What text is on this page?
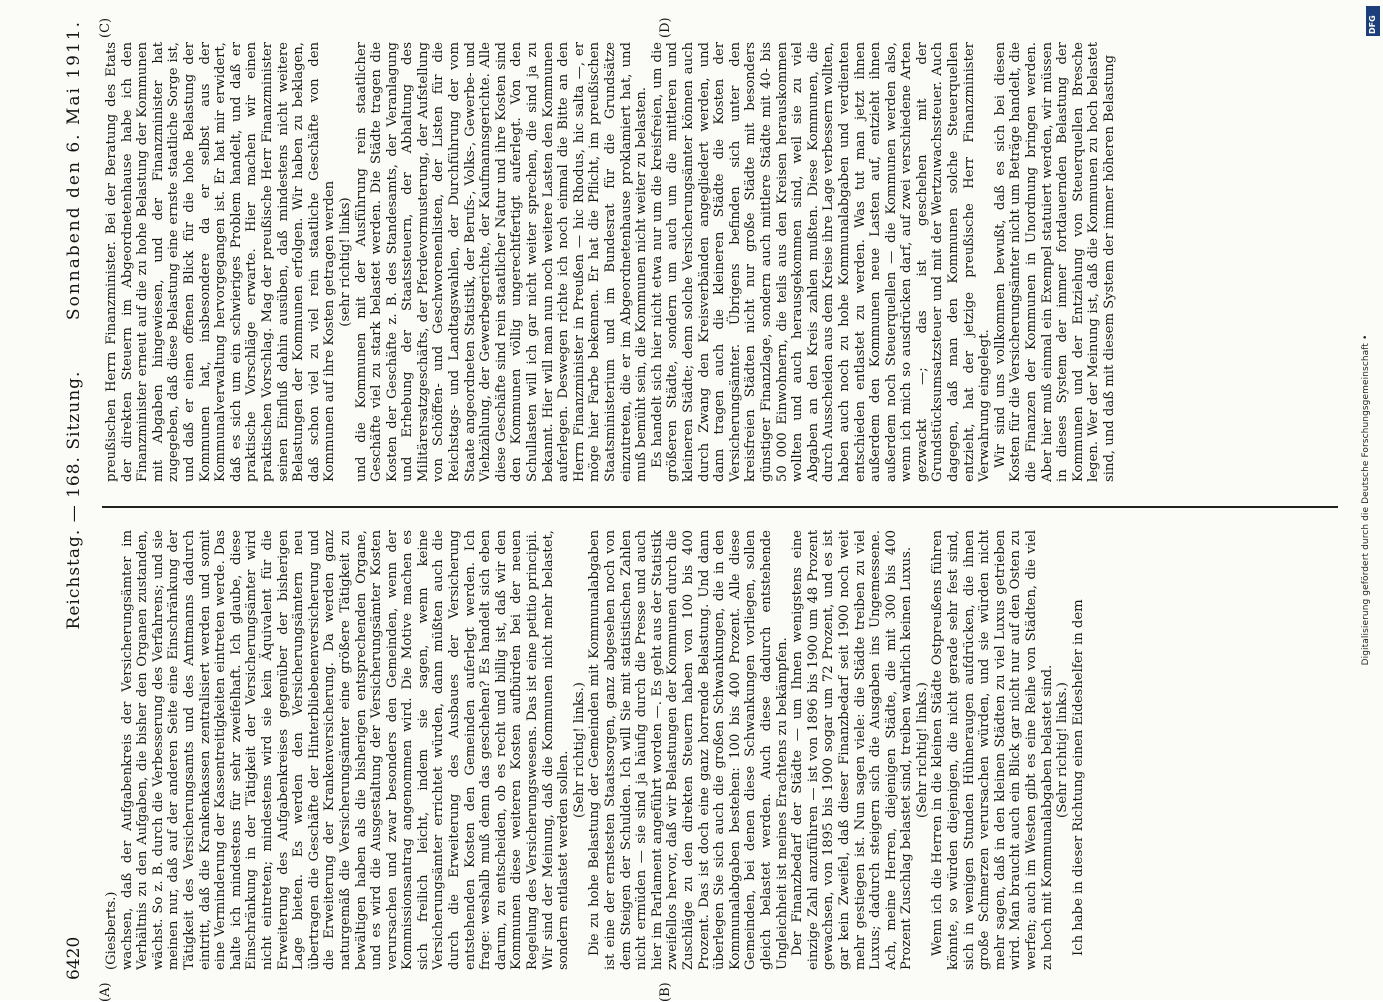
6420
Reichstag. — 168. Sitzung.
Sonnabend den 6. Mai 1911.
(A)	(B)
(C)	(D)

(Giesberts.) wachsen, daß der Aufgabenkreis der Versicherungsämter im Verhältnis zu den Aufgaben, die bisher den Organen zustanden, wächst. So z. B. durch die Verbesserung des Verfahrens; und sie meinen nur, daß auf der anderen Seite eine Einschränkung der Tätigkeit des Versicherungsamts und des Amtmanns dadurch eintritt, daß die Krankenkassen zentralisiert werden und somit eine Verminderung der Kassentreitigkeiten eintreten werde. Das halte ich mindestens für sehr zweifelhaft. Ich glaube, diese Einschränkung in der Tätigkeit der Versicherungsämter wird nicht eintreten; mindestens wird sie kein Äquivalent für die Erweiterung des Aufgabenkreises gegenüber der bisherigen Lage bieten. Es werden den Versicherungsämtern neu übertragen die Geschäfte der Hinterbliebenenversicherung und die Erweiterung der Krankenversicherung. Da werden ganz naturgemäß die Versicherungsämter eine größere Tätigkeit zu bewältigen haben als die bisherigen entsprechenden Organe, und es wird die Ausgestaltung der Versicherungsämter Kosten verursachen und zwar besonders den Gemeinden, wenn der Kommissionsantrag angenommen wird. Die Motive machen es sich freilich leicht, indem sie sagen, wenn keine Versicherungsämter errichtet würden, dann müßten auch die durch die Erweiterung des Ausbaues der Versicherung entstehenden Kosten den Gemeinden auferlegt werden. Ich frage: weshalb muß denn das geschehen? Es handelt sich eben darum, zu entscheiden, ob es recht und billig ist, daß wir den Kommunen diese weiteren Kosten aufbürden bei der neuen Regelung des Versicherungswesens. Das ist eine petitio principii. Wir sind der Meinung, daß die Kommunen nicht mehr belastet, sondern entlastet werden sollen.

(Sehr richtig! links.) Die zu hohe Belastung der Gemeinden mit Kommunalabgaben ist eine der ernstesten Staatssorgen, ganz abgesehen noch von dem Steigen der Schulden. Ich will Sie mit statistischen Zahlen nicht ermüden — sie sind ja häufig durch die Presse und auch hier im Parlament angeführt worden —. Es geht aus der Statistik zweifellos hervor, daß wir Belastungen der Kommunen durch die Zuschläge zu den direkten Steuern haben von 100 bis 400 Prozent. Das ist doch eine ganz horrende Belastung. Und dann überlegen Sie sich auch die großen Schwankungen, die in den Kommunalabgaben bestehen: 100 bis 400 Prozent. Alle diese Gemeinden, bei denen diese Schwankungen vorliegen, sollen gleich belastet werden. Auch diese dadurch entstehende Ungleichheit ist meines Erachtens zu bekämpfen. Der Finanzbedarf der Städte — um Ihnen wenigstens eine einzige Zahl anzuführen — ist von 1896 bis 1900 um 48 Prozent gewachsen, von 1895 bis 1900 sogar um 72 Prozent, und es ist gar kein Zweifel, daß dieser Finanzbedarf seit 1900 noch weit mehr gestiegen ist. Nun sagen viele: die Städte treiben zu viel Luxus; dadurch steigern sich die Ausgaben ins Ungemessene. Ach, meine Herren, diejenigen Städte, die mit 300 bis 400 Prozent Zuschlag belastet sind, treiben wahrlich keinen Luxus. (Sehr richtig! links.) Wenn ich die Herren in die kleinen Städte Ostpreußens führen könnte, so würden diejenigen, die nicht gerade sehr fest sind, sich in wenigen Stunden Hühneraugen aufdrücken, die ihnen große Schmerzen verursachen würden, und sie würden nicht mehr sagen, daß in den kleinen Städten zu viel Luxus getrieben wird. Man braucht auch ein Blick gar nicht nur auf den Osten zu werfen; auch im Westen gibt es eine Reihe von Städten, die viel zu hoch mit Kommunalabgaben belastet sind. (Sehr richtig! links.) Ich habe in dieser Richtung einen Eideshelfer in dem

preußischen Herrn Finanzminister. Bei der Beratung des Etats der direkten Steuern im Abgeordnetenhause habe ich den Finanzminister erneut auf die zu hohe Belastung der Kommunen mit Abgaben hingewiesen, und der Finanzminister hat zugegeben, daß diese Belastung eine ernste staatliche Sorge ist, und daß er einen offenen Blick für die hohe Belastung der Kommunen hat, insbesondere da er selbst aus der Kommunalverwaltung hervorgegangen ist. Er hat mir erwidert, daß es sich um ein schwieriges Problem handelt, und daß er praktische Vorschläge erwarte. Hier machen wir einen praktischen Vorschlag. Mag der preußische Herr Finanzminister seinen Einfluß dahin ausüben, daß mindestens nicht weitere Belastungen der Kommunen erfolgen. Wir haben zu beklagen, daß schon viel zu viel rein staatliche Geschäfte von den Kommunen auf ihre Kosten getragen werden (sehr richtig! links) und die Kommunen mit der Ausführung rein staatlicher Geschäfte viel zu stark belastet werden. Die Städte tragen die Kosten der Geschäfte z. B. des Standesamts, der Veranlagung und Erhebung der Staatssteuern, der Abhaltung des Militärersatzgeschäfts, der Pferdevormusterung, der Aufstellung von Schöffen- und Geschworenenlisten, der Listen für die Reichstags- und Landtagswahlen, der Durchführung der vom Staate angeordneten Statistik, der Berufs-, Volks-, Gewerbe- und Viehzählung, der Gewerbegerichte, der Kaufmannsgerichte. Alle diese Geschäfte sind rein staatlicher Natur und ihre Kosten sind den Kommunen völlig ungerechtfertigt auferlegt. Von den Schullasten will ich gar nicht weiter sprechen, die sind ja zu bekannt. Hier will man nun noch weitere Lasten den Kommunen auferlegen. Deswegen richte ich noch einmal die Bitte an den Herrn Finanzminister in Preußen — hic Rhodus, hic salta —, er möge hier Farbe bekennen. Er hat die Pflicht, im preußischen Staatsministerium und im Bundesrat für die Grundsätze einzutreten, die er im Abgeordnetenhause proklamiert hat, und muß bemüht sein, die Kommunen nicht weiter zu belasten. Es handelt sich hier nicht etwa nur um die kreisfreien, um die größeren Städte, sondern um auch um die mittleren und kleineren Städte; denn solche Versicherungsämter können auch durch Zwang den Kreisverbänden angegliedert werden, und dann tragen auch die kleineren Städte die Kosten der Versicherungsämter. Übrigens befinden sich unter den kreisfreien Städten nicht nur große Städte mit besonders günstiger Finanzlage, sondern auch mittlere Städte mit 40- bis 50 000 Einwohnern, die teils aus den Kreisen herauskommen wollten und auch herausgekommen sind, weil sie zu viel Abgaben an den Kreis zahlen mußten. Diese Kommunen, die durch Ausscheiden aus dem Kreise ihre Lage verbessern wollten, haben auch noch zu hohe Kommunalabgaben und verdienten entschieden entlastet zu werden. Was tut man jetzt ihnen außerdem den Kommunen neue Lasten auf, entzieht ihnen außerdem noch Steuerquellen — die Kommunen werden also, wenn ich mich so ausdrücken darf, auf zwei verschiedene Arten gezwackt —; das ist geschehen mit der Grundstücksumsatzsteuer und mit der Wertzuwachssteuer. Auch dagegen, daß man den Kommunen solche Steuerquellen entzieht, hat der jetzige preußische Herr Finanzminister Verwahrung eingelegt. Wir sind uns vollkommen bewußt, daß es sich bei diesen Kosten für die Versicherungsämter nicht um Beträge handelt, die die Finanzen der Kommunen in Unordnung bringen werden. Aber hier muß einmal ein Exempel statuiert werden, wir müssen in dieses System der immer fortdauernden Belastung der Kommunen und der Entziehung von Steuerquellen Bresche legen. Wer der Meinung ist, daß die Kommunen zu hoch belastet sind, und daß mit diesem System der immer höheren Belastung

Digitalisierung gefördert durch die Deutsche Forschungsgemeinschaft •
DFG
